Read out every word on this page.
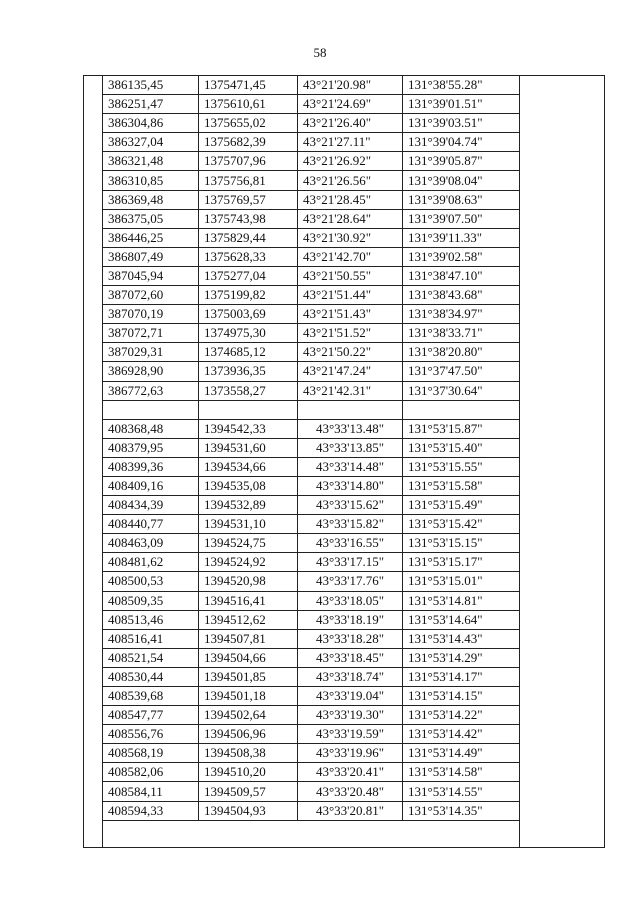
58
386135,45	1375471,45	43°21'20.98"	131°38'55.28"
386251,47	1375610,61	43°21'24.69"	131°39'01.51"
386304,86	1375655,02	43°21'26.40"	131°39'03.51"
386327,04	1375682,39	43°21'27.11"	131°39'04.74"
386321,48	1375707,96	43°21'26.92"	131°39'05.87"
386310,85	1375756,81	43°21'26.56"	131°39'08.04"
386369,48	1375769,57	43°21'28.45"	131°39'08.63"
386375,05	1375743,98	43°21'28.64"	131°39'07.50"
386446,25	1375829,44	43°21'30.92"	131°39'11.33"
386807,49	1375628,33	43°21'42.70"	131°39'02.58"
387045,94	1375277,04	43°21'50.55"	131°38'47.10"
387072,60	1375199,82	43°21'51.44"	131°38'43.68"
387070,19	1375003,69	43°21'51.43"	131°38'34.97"
387072,71	1374975,30	43°21'51.52"	131°38'33.71"
387029,31	1374685,12	43°21'50.22"	131°38'20.80"
386928,90	1373936,35	43°21'47.24"	131°37'47.50"
386772,63	1373558,27	43°21'42.31"	131°37'30.64"

408368,48	1394542,33	43°33'13.48"	131°53'15.87"
408379,95	1394531,60	43°33'13.85"	131°53'15.40"
408399,36	1394534,66	43°33'14.48"	131°53'15.55"
408409,16	1394535,08	43°33'14.80"	131°53'15.58"
408434,39	1394532,89	43°33'15.62"	131°53'15.49"
408440,77	1394531,10	43°33'15.82"	131°53'15.42"
408463,09	1394524,75	43°33'16.55"	131°53'15.15"
408481,62	1394524,92	43°33'17.15"	131°53'15.17"
408500,53	1394520,98	43°33'17.76"	131°53'15.01"
408509,35	1394516,41	43°33'18.05"	131°53'14.81"
408513,46	1394512,62	43°33'18.19"	131°53'14.64"
408516,41	1394507,81	43°33'18.28"	131°53'14.43"
408521,54	1394504,66	43°33'18.45"	131°53'14.29"
408530,44	1394501,85	43°33'18.74"	131°53'14.17"
408539,68	1394501,18	43°33'19.04"	131°53'14.15"
408547,77	1394502,64	43°33'19.30"	131°53'14.22"
408556,76	1394506,96	43°33'19.59"	131°53'14.42"
408568,19	1394508,38	43°33'19.96"	131°53'14.49"
408582,06	1394510,20	43°33'20.41"	131°53'14.58"
408584,11	1394509,57	43°33'20.48"	131°53'14.55"
408594,33	1394504,93	43°33'20.81"	131°53'14.35"
